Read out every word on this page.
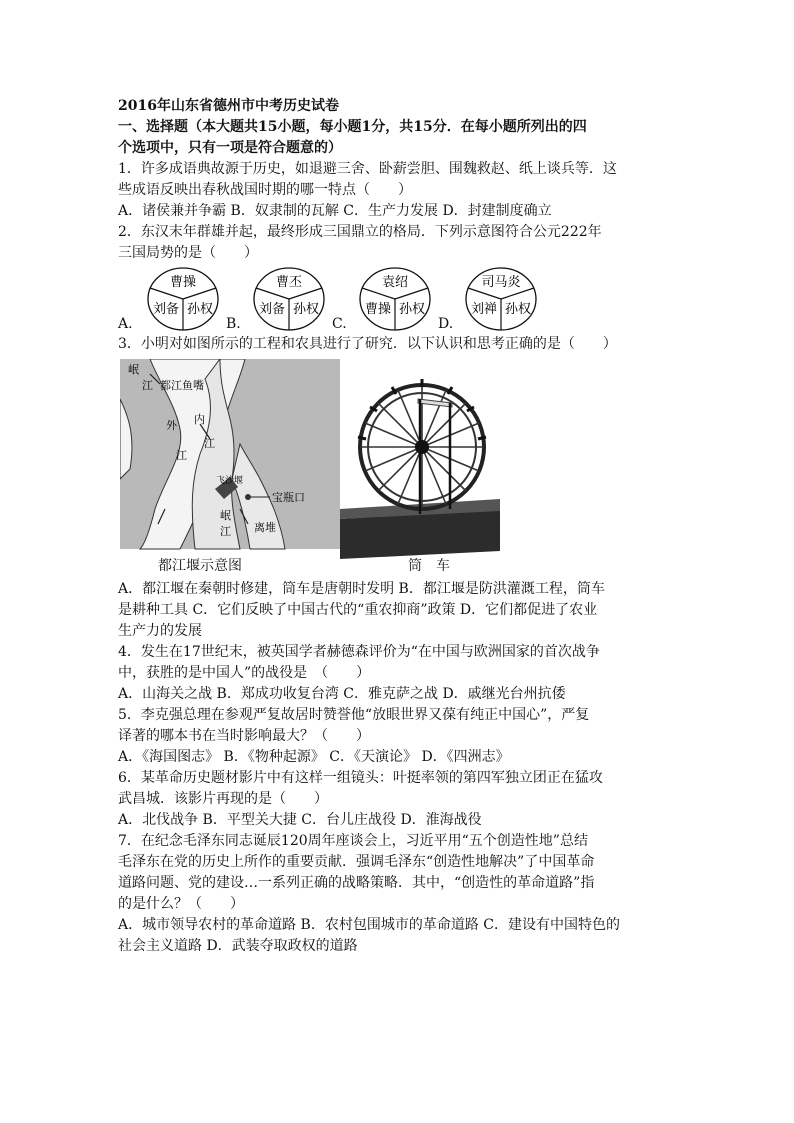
2016年山东省德州市中考历史试卷
一、选择题（本大题共15小题，每小题1分，共15分．在每小题所列出的四
个选项中，只有一项是符合题意的）
1．许多成语典故源于历史，如退避三舍、卧薪尝胆、围魏救赵、纸上谈兵等．这
些成语反映出春秋战国时期的哪一特点（　　）
A．诸侯兼并争霸 B．奴隶制的瓦解 C．生产力发展 D．封建制度确立
2．东汉末年群雄并起，最终形成三国鼎立的格局．下列示意图符合公元222年
三国局势的是（　　）
A.
曹操
刘备 孙权
B.
曹丕
刘备 孙权
C.
袁绍
曹操 孙权
D.
司马炎
刘禅 孙权
3．小明对如图所示的工程和农具进行了研究．以下认识和思考正确的是（　　）
岷
江 都江鱼嘴
内
江
外
江
飞沙堰
宝瓶口
岷
江 离堆
都江堰示意图	筒　车
A．都江堰在秦朝时修建，筒车是唐朝时发明 B．都江堰是防洪灌溉工程，筒车
是耕种工具 C．它们反映了中国古代的“重农抑商”政策 D．它们都促进了农业
生产力的发展
4．发生在17世纪末，被英国学者赫德森评价为“在中国与欧洲国家的首次战争
中，获胜的是中国人”的战役是　（　　）
A．山海关之战 B．郑成功收复台湾 C．雅克萨之战 D．戚继光台州抗倭
5．李克强总理在参观严复故居时赞誉他“放眼世界又葆有纯正中国心”，严复
译著的哪本书在当时影响最大？（　　）
A．《海国图志》 B．《物种起源》 C．《天演论》 D．《四洲志》
6．某革命历史题材影片中有这样一组镜头：叶挺率领的第四军独立团正在猛攻
武昌城．该影片再现的是（　　）
A．北伐战争 B．平型关大捷 C．台儿庄战役 D．淮海战役
7．在纪念毛泽东同志诞辰120周年座谈会上，习近平用“五个创造性地”总结
毛泽东在党的历史上所作的重要贡献．强调毛泽东“创造性地解决”了中国革命
道路问题、党的建设…一系列正确的战略策略．其中，“创造性的革命道路”指
的是什么？（　　）
A．城市领导农村的革命道路 B．农村包围城市的革命道路 C．建设有中国特色的
社会主义道路 D．武装夺取政权的道路
